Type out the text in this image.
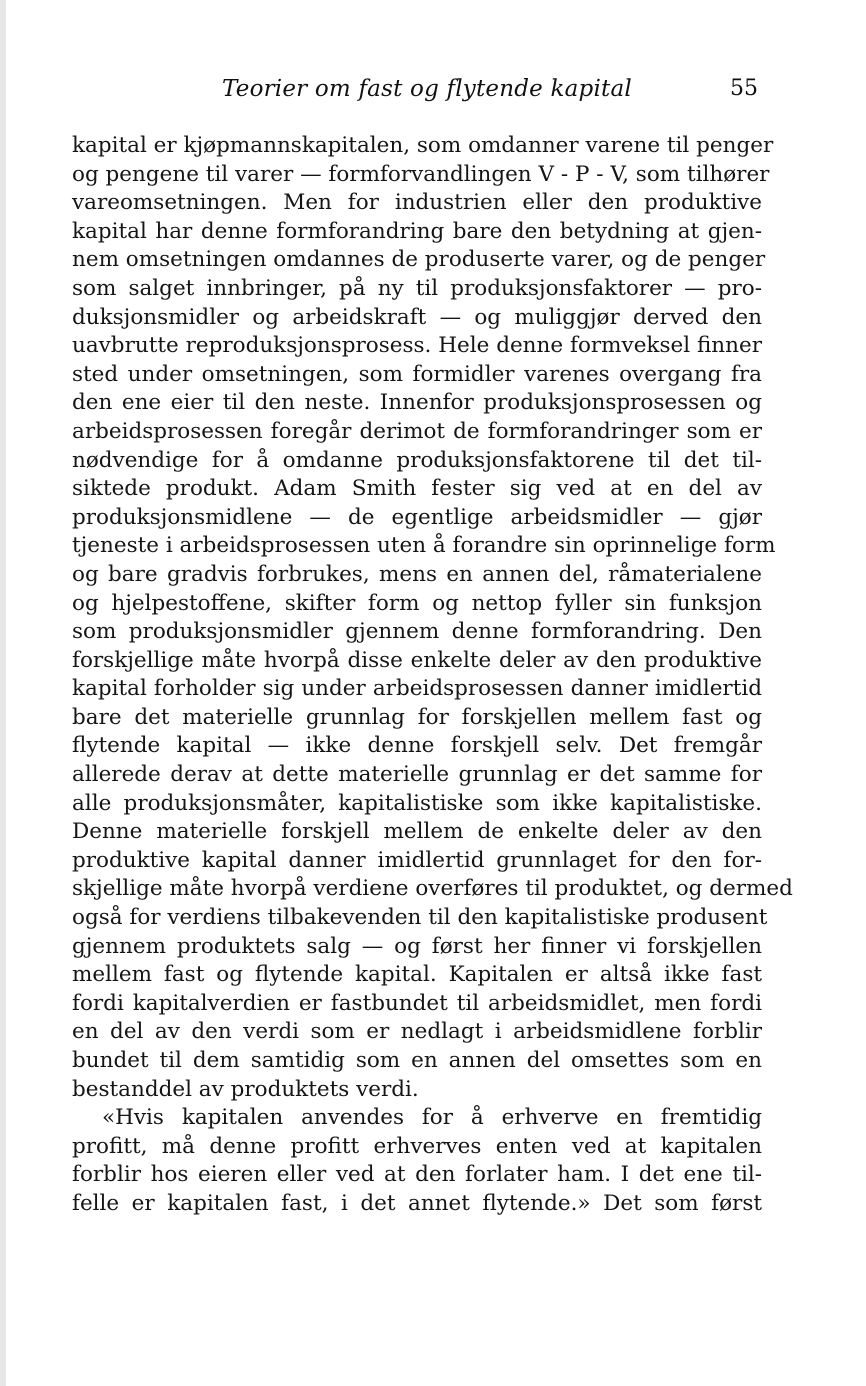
Teorier om fast og flytende kapital	55
kapital er kjøpmannskapitalen, som omdanner varene til penger
og pengene til varer — formforvandlingen V - P - V, som tilhører
vareomsetningen. Men for industrien eller den produktive
kapital har denne formforandring bare den betydning at gjen-
nem omsetningen omdannes de produserte varer, og de penger
som salget innbringer, på ny til produksjonsfaktorer — pro-
duksjonsmidler og arbeidskraft — og muliggjør derved den
uavbrutte reproduksjonsprosess. Hele denne formveksel finner
sted under omsetningen, som formidler varenes overgang fra
den ene eier til den neste. Innenfor produksjonsprosessen og
arbeidsprosessen foregår derimot de formforandringer som er
nødvendige for å omdanne produksjonsfaktorene til det til-
siktede produkt. Adam Smith fester sig ved at en del av
produksjonsmidlene — de egentlige arbeidsmidler — gjør
tjeneste i arbeidsprosessen uten å forandre sin oprinnelige form
og bare gradvis forbrukes, mens en annen del, råmaterialene
og hjelpestoffene, skifter form og nettop fyller sin funksjon
som produksjonsmidler gjennem denne formforandring. Den
forskjellige måte hvorpå disse enkelte deler av den produktive
kapital forholder sig under arbeidsprosessen danner imidlertid
bare det materielle grunnlag for forskjellen mellem fast og
flytende kapital — ikke denne forskjell selv. Det fremgår
allerede derav at dette materielle grunnlag er det samme for
alle produksjonsmåter, kapitalistiske som ikke kapitalistiske.
Denne materielle forskjell mellem de enkelte deler av den
produktive kapital danner imidlertid grunnlaget for den for-
skjellige måte hvorpå verdiene overføres til produktet, og dermed
også for verdiens tilbakevenden til den kapitalistiske produsent
gjennem produktets salg — og først her finner vi forskjellen
mellem fast og flytende kapital. Kapitalen er altså ikke fast
fordi kapitalverdien er fastbundet til arbeidsmidlet, men fordi
en del av den verdi som er nedlagt i arbeidsmidlene forblir
bundet til dem samtidig som en annen del omsettes som en
bestanddel av produktets verdi.
«Hvis kapitalen anvendes for å erhverve en fremtidig
profitt, må denne profitt erhverves enten ved at kapitalen
forblir hos eieren eller ved at den forlater ham. I det ene til-
felle er kapitalen fast, i det annet flytende.» Det som først
